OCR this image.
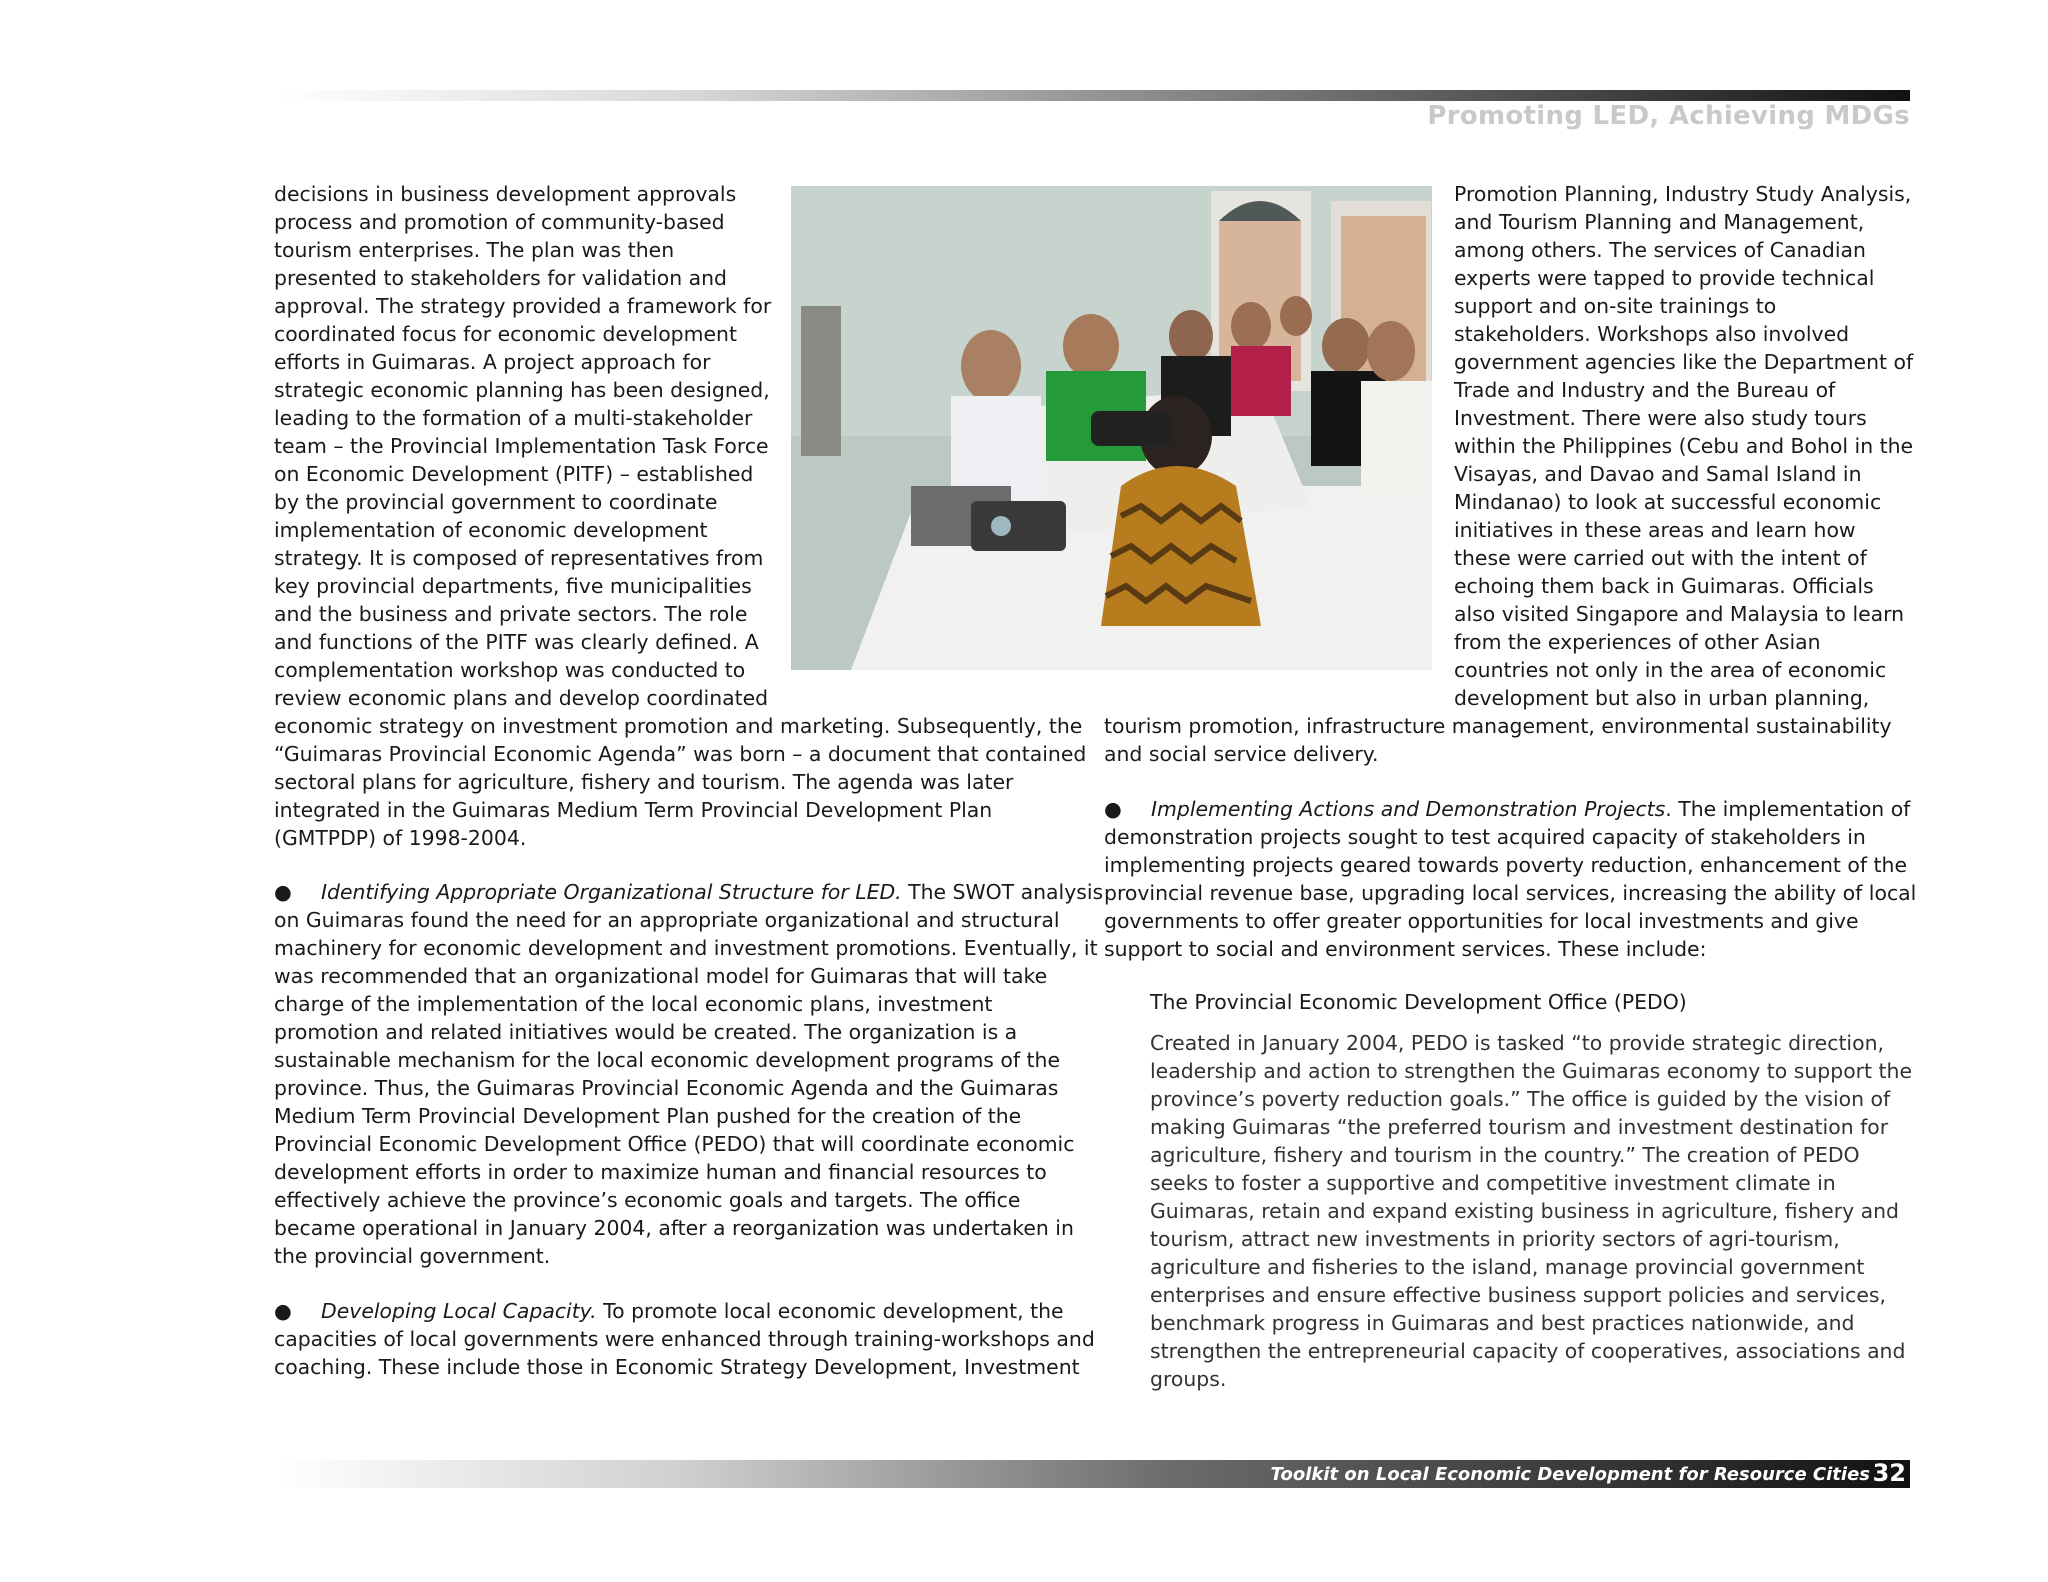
Promoting LED, Achieving MDGs
decisions in business development approvals
process and promotion of community-based
tourism enterprises. The plan was then
presented to stakeholders for validation and
approval. The strategy provided a framework for
coordinated focus for economic development
efforts in Guimaras. A project approach for
strategic economic planning has been designed,
leading to the formation of a multi-stakeholder
team – the Provincial Implementation Task Force
on Economic Development (PITF) – established
by the provincial government to coordinate
implementation of economic development
strategy. It is composed of representatives from
key provincial departments, five municipalities
and the business and private sectors. The role
and functions of the PITF was clearly defined. A
complementation workshop was conducted to
review economic plans and develop coordinated
economic strategy on investment promotion and marketing. Subsequently, the
“Guimaras Provincial Economic Agenda” was born – a document that contained
sectoral plans for agriculture, fishery and tourism. The agenda was later
integrated in the Guimaras Medium Term Provincial Development Plan
(GMTPDP) of 1998-2004.
● Identifying Appropriate Organizational Structure for LED. The SWOT analysis
on Guimaras found the need for an appropriate organizational and structural
machinery for economic development and investment promotions. Eventually, it
was recommended that an organizational model for Guimaras that will take
charge of the implementation of the local economic plans, investment
promotion and related initiatives would be created. The organization is a
sustainable mechanism for the local economic development programs of the
province. Thus, the Guimaras Provincial Economic Agenda and the Guimaras
Medium Term Provincial Development Plan pushed for the creation of the
Provincial Economic Development Office (PEDO) that will coordinate economic
development efforts in order to maximize human and financial resources to
effectively achieve the province’s economic goals and targets. The office
became operational in January 2004, after a reorganization was undertaken in
the provincial government.
● Developing Local Capacity. To promote local economic development, the
capacities of local governments were enhanced through training-workshops and
coaching. These include those in Economic Strategy Development, Investment
Promotion Planning, Industry Study Analysis,
and Tourism Planning and Management,
among others. The services of Canadian
experts were tapped to provide technical
support and on-site trainings to
stakeholders. Workshops also involved
government agencies like the Department of
Trade and Industry and the Bureau of
Investment. There were also study tours
within the Philippines (Cebu and Bohol in the
Visayas, and Davao and Samal Island in
Mindanao) to look at successful economic
initiatives in these areas and learn how
these were carried out with the intent of
echoing them back in Guimaras. Officials
also visited Singapore and Malaysia to learn
from the experiences of other Asian
countries not only in the area of economic
development but also in urban planning,
tourism promotion, infrastructure management, environmental sustainability
and social service delivery.
● Implementing Actions and Demonstration Projects. The implementation of
demonstration projects sought to test acquired capacity of stakeholders in
implementing projects geared towards poverty reduction, enhancement of the
provincial revenue base, upgrading local services, increasing the ability of local
governments to offer greater opportunities for local investments and give
support to social and environment services. These include:

The Provincial Economic Development Office (PEDO)

Created in January 2004, PEDO is tasked “to provide strategic direction,
leadership and action to strengthen the Guimaras economy to support the
province’s poverty reduction goals.” The office is guided by the vision of
making Guimaras “the preferred tourism and investment destination for
agriculture, fishery and tourism in the country.” The creation of PEDO
seeks to foster a supportive and competitive investment climate in
Guimaras, retain and expand existing business in agriculture, fishery and
tourism, attract new investments in priority sectors of agri-tourism,
agriculture and fisheries to the island, manage provincial government
enterprises and ensure effective business support policies and services,
benchmark progress in Guimaras and best practices nationwide, and
strengthen the entrepreneurial capacity of cooperatives, associations and
groups.
Toolkit on Local Economic Development for Resource Cities 32
